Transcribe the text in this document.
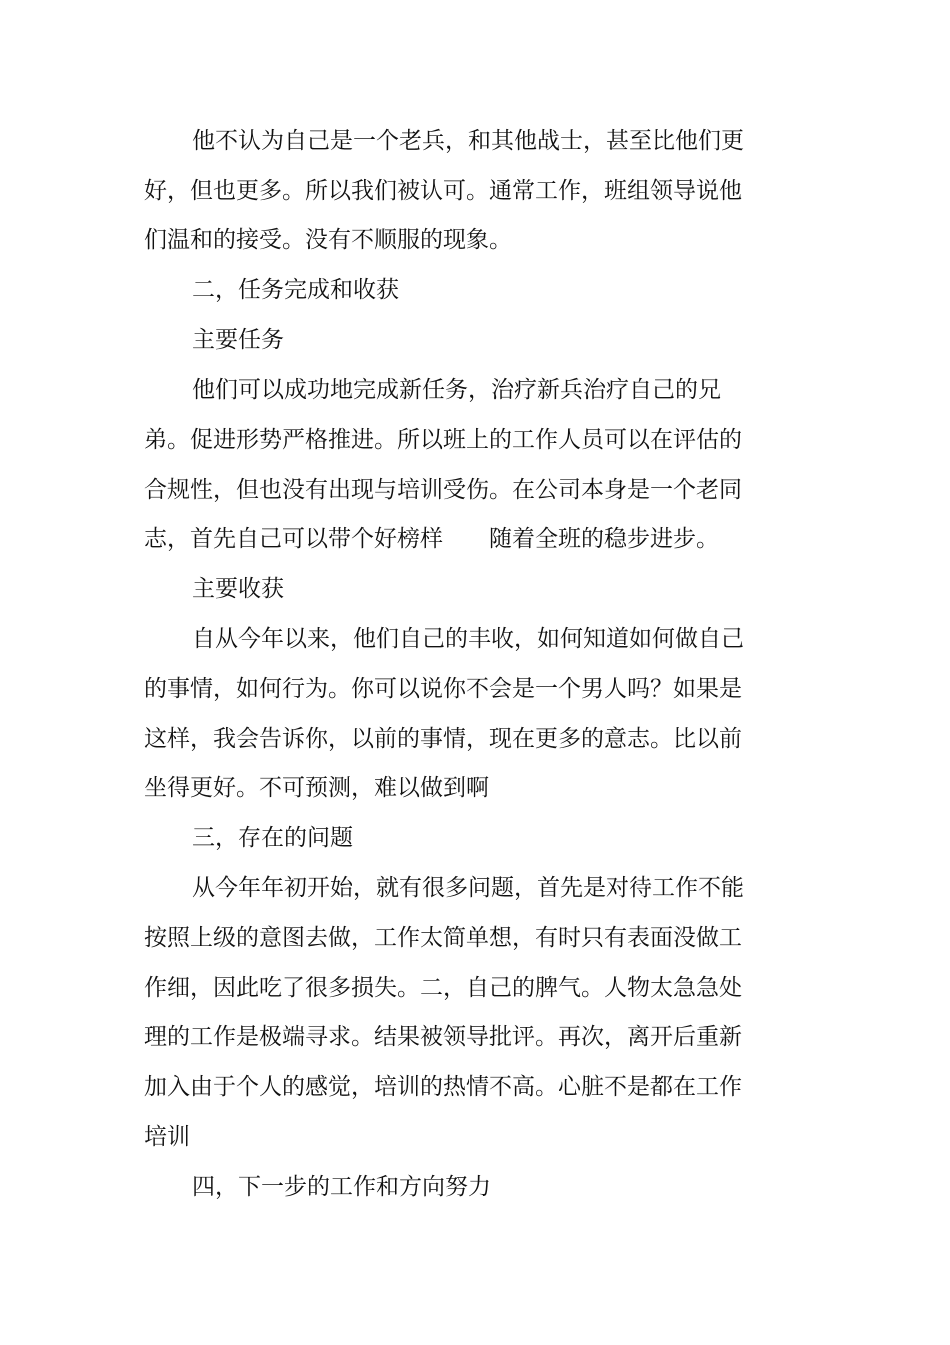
他不认为自己是一个老兵，和其他战士，甚至比他们更
好，但也更多。所以我们被认可。通常工作，班组领导说他
们温和的接受。没有不顺服的现象。
二，任务完成和收获
主要任务
他们可以成功地完成新任务，治疗新兵治疗自己的兄
弟。促进形势严格推进。所以班上的工作人员可以在评估的
合规性，但也没有出现与培训受伤。在公司本身是一个老同
志，首先自己可以带个好榜样　　随着全班的稳步进步。
主要收获
自从今年以来，他们自己的丰收，如何知道如何做自己
的事情，如何行为。你可以说你不会是一个男人吗？如果是
这样，我会告诉你，以前的事情，现在更多的意志。比以前
坐得更好。不可预测，难以做到啊
三，存在的问题
从今年年初开始，就有很多问题，首先是对待工作不能
按照上级的意图去做，工作太简单想，有时只有表面没做工
作细，因此吃了很多损失。二，自己的脾气。人物太急急处
理的工作是极端寻求。结果被领导批评。再次，离开后重新
加入由于个人的感觉，培训的热情不高。心脏不是都在工作
培训
四，下一步的工作和方向努力
